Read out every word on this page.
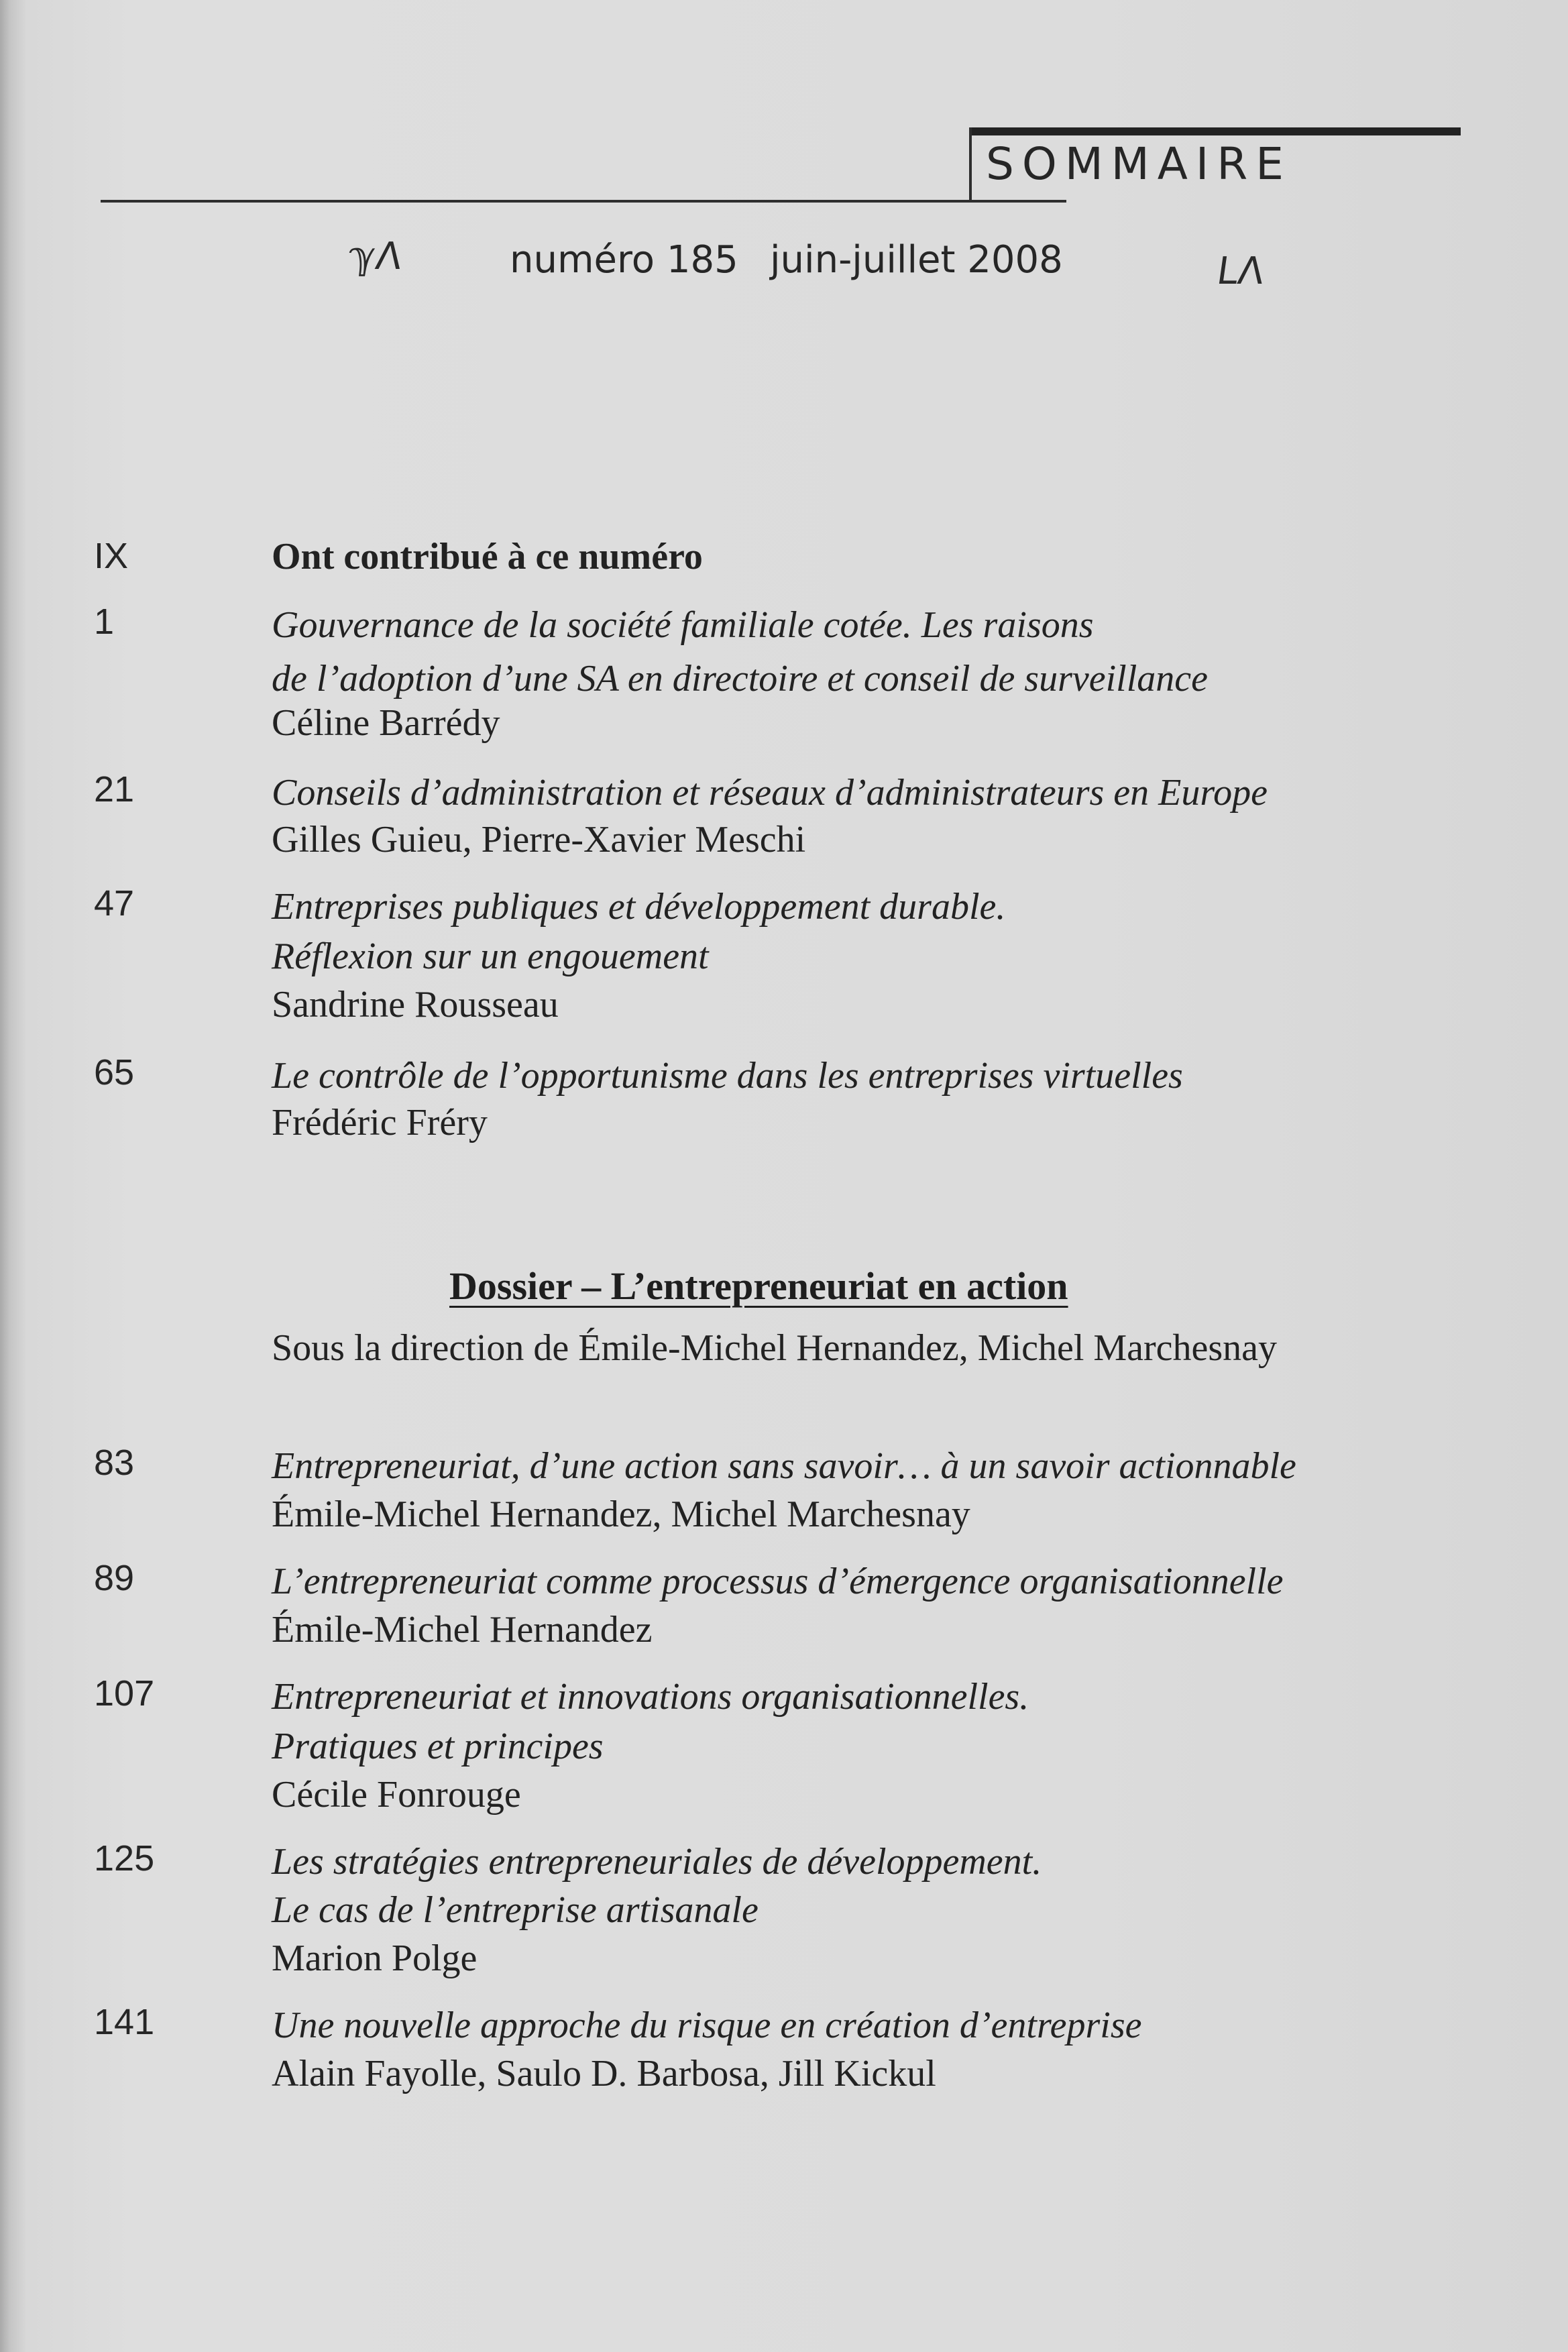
SOMMAIRE
ℽΛ	numéro 185 juin-juillet 2008	LΛ
IX	Ont contribué à ce numéro
1	Gouvernance de la société familiale cotée. Les raisons
de l’adoption d’une SA en directoire et conseil de surveillance
Céline Barrédy
21	Conseils d’administration et réseaux d’administrateurs en Europe
Gilles Guieu, Pierre-Xavier Meschi
47	Entreprises publiques et développement durable.
Réflexion sur un engouement
Sandrine Rousseau
65	Le contrôle de l’opportunisme dans les entreprises virtuelles
Frédéric Fréry
Dossier – L’entrepreneuriat en action
Sous la direction de Émile-Michel Hernandez, Michel Marchesnay
83	Entrepreneuriat, d’une action sans savoir… à un savoir actionnable
Émile-Michel Hernandez, Michel Marchesnay
89	L’entrepreneuriat comme processus d’émergence organisationnelle
Émile-Michel Hernandez
107	Entrepreneuriat et innovations organisationnelles.
Pratiques et principes
Cécile Fonrouge
125	Les stratégies entrepreneuriales de développement.
Le cas de l’entreprise artisanale
Marion Polge
141	Une nouvelle approche du risque en création d’entreprise
Alain Fayolle, Saulo D. Barbosa, Jill Kickul
